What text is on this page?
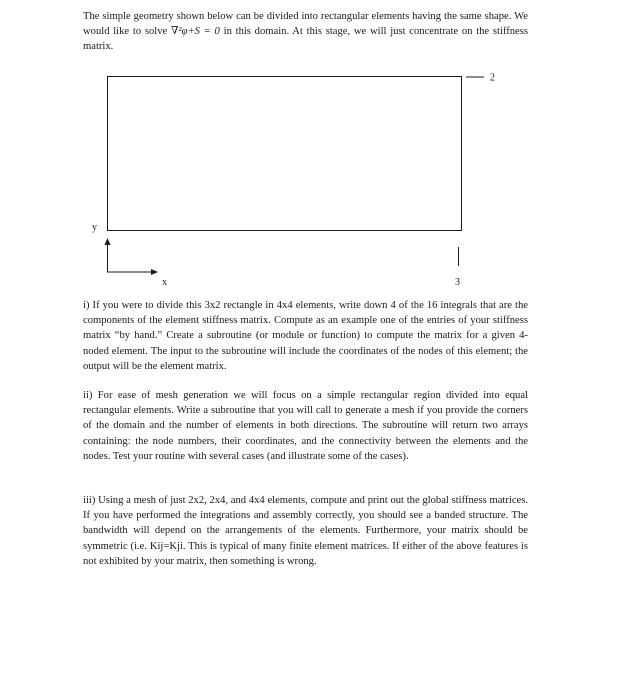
The simple geometry shown below can be divided into rectangular elements having the same shape. We would like to solve ∇²φ+S = 0 in this domain. At this stage, we will just concentrate on the stiffness matrix.
2
3
y
x
i) If you were to divide this 3x2 rectangle in 4x4 elements, write down 4 of the 16 integrals that are the components of the element stiffness matrix. Compute as an example one of the entries of your stiffness matrix “by hand.” Create a subroutine (or module or function) to compute the matrix for a given 4-noded element. The input to the subroutine will include the coordinates of the nodes of this element; the output will be the element matrix.
ii) For ease of mesh generation we will focus on a simple rectangular region divided into equal rectangular elements. Write a subroutine that you will call to generate a mesh if you provide the corners of the domain and the number of elements in both directions. The subroutine will return two arrays containing: the node numbers, their coordinates, and the connectivity between the elements and the nodes. Test your routine with several cases (and illustrate some of the cases).
iii) Using a mesh of just 2x2, 2x4, and 4x4 elements, compute and print out the global stiffness matrices. If you have performed the integrations and assembly correctly, you should see a banded structure. The bandwidth will depend on the arrangements of the elements. Furthermore, your matrix should be symmetric (i.e. Kij=Kji. This is typical of many finite element matrices. If either of the above features is not exhibited by your matrix, then something is wrong.
